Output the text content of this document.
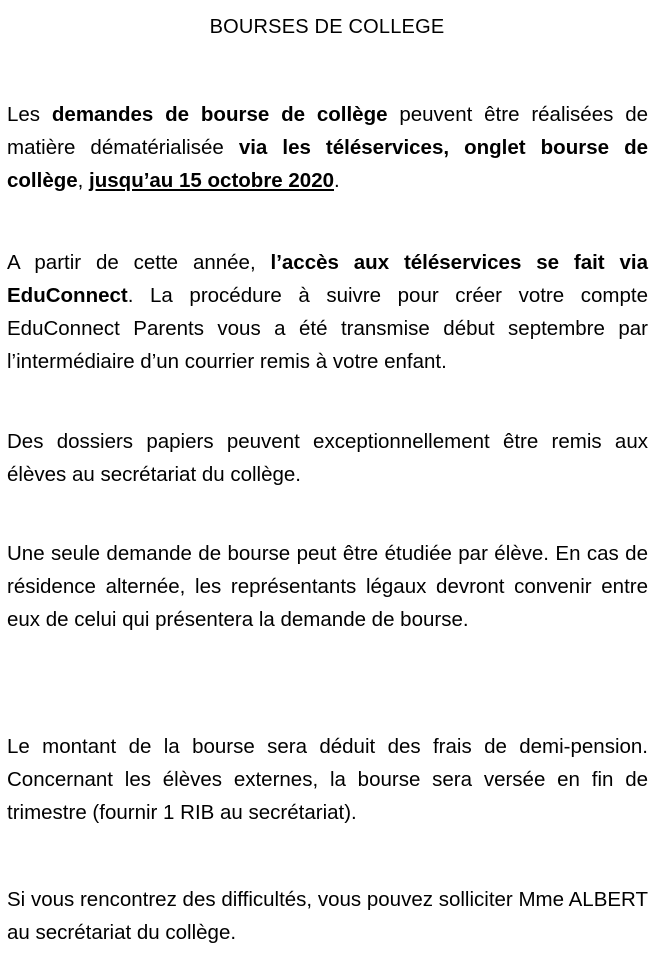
BOURSES DE COLLEGE

Les demandes de bourse de collège peuvent être réalisées de matière dématérialisée via les téléservices, onglet bourse de collège, jusqu’au 15 octobre 2020.

A partir de cette année, l’accès aux téléservices se fait via EduConnect. La procédure à suivre pour créer votre compte EduConnect Parents vous a été transmise début septembre par l’intermédiaire d’un courrier remis à votre enfant.

Des dossiers papiers peuvent exceptionnellement être remis aux élèves au secrétariat du collège.

Une seule demande de bourse peut être étudiée par élève. En cas de résidence alternée, les représentants légaux devront convenir entre eux de celui qui présentera la demande de bourse.

Le montant de la bourse sera déduit des frais de demi-pension. Concernant les élèves externes, la bourse sera versée en fin de trimestre (fournir 1 RIB au secrétariat).

Si vous rencontrez des difficultés, vous pouvez solliciter Mme ALBERT au secrétariat du collège.
